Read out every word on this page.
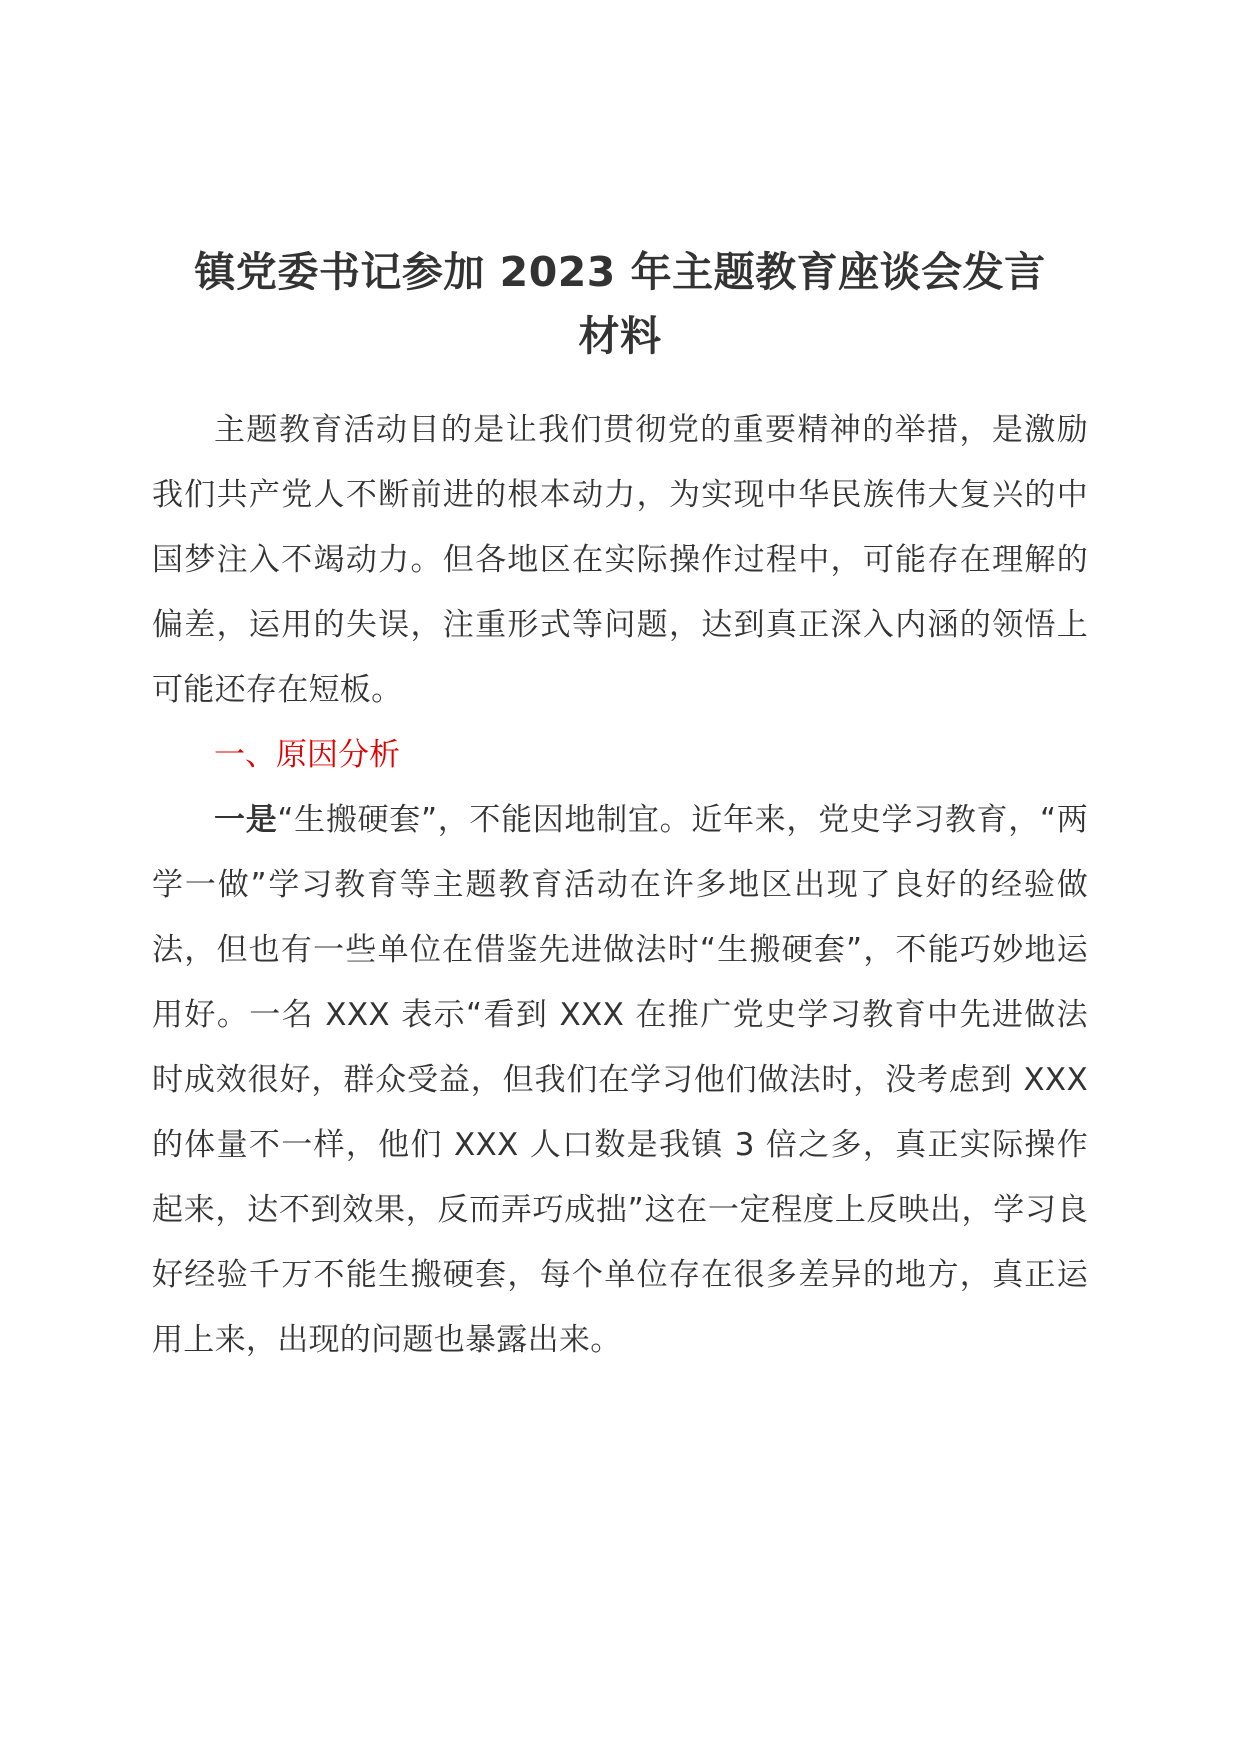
镇党委书记参加 2023 年主题教育座谈会发言
材料

主题教育活动目的是让我们贯彻党的重要精神的举措，是激励我们共产党人不断前进的根本动力，为实现中华民族伟大复兴的中国梦注入不竭动力。但各地区在实际操作过程中，可能存在理解的偏差，运用的失误，注重形式等问题，达到真正深入内涵的领悟上可能还存在短板。

一、原因分析

一是“生搬硬套”，不能因地制宜。近年来，党史学习教育，“两学一做”学习教育等主题教育活动在许多地区出现了良好的经验做法，但也有一些单位在借鉴先进做法时“生搬硬套”，不能巧妙地运用好。一名 XXX 表示“看到 XXX 在推广党史学习教育中先进做法时成效很好，群众受益，但我们在学习他们做法时，没考虑到 XXX 的体量不一样，他们 XXX 人口数是我镇 3 倍之多，真正实际操作起来，达不到效果，反而弄巧成拙”这在一定程度上反映出，学习良好经验千万不能生搬硬套，每个单位存在很多差异的地方，真正运用上来，出现的问题也暴露出来。
